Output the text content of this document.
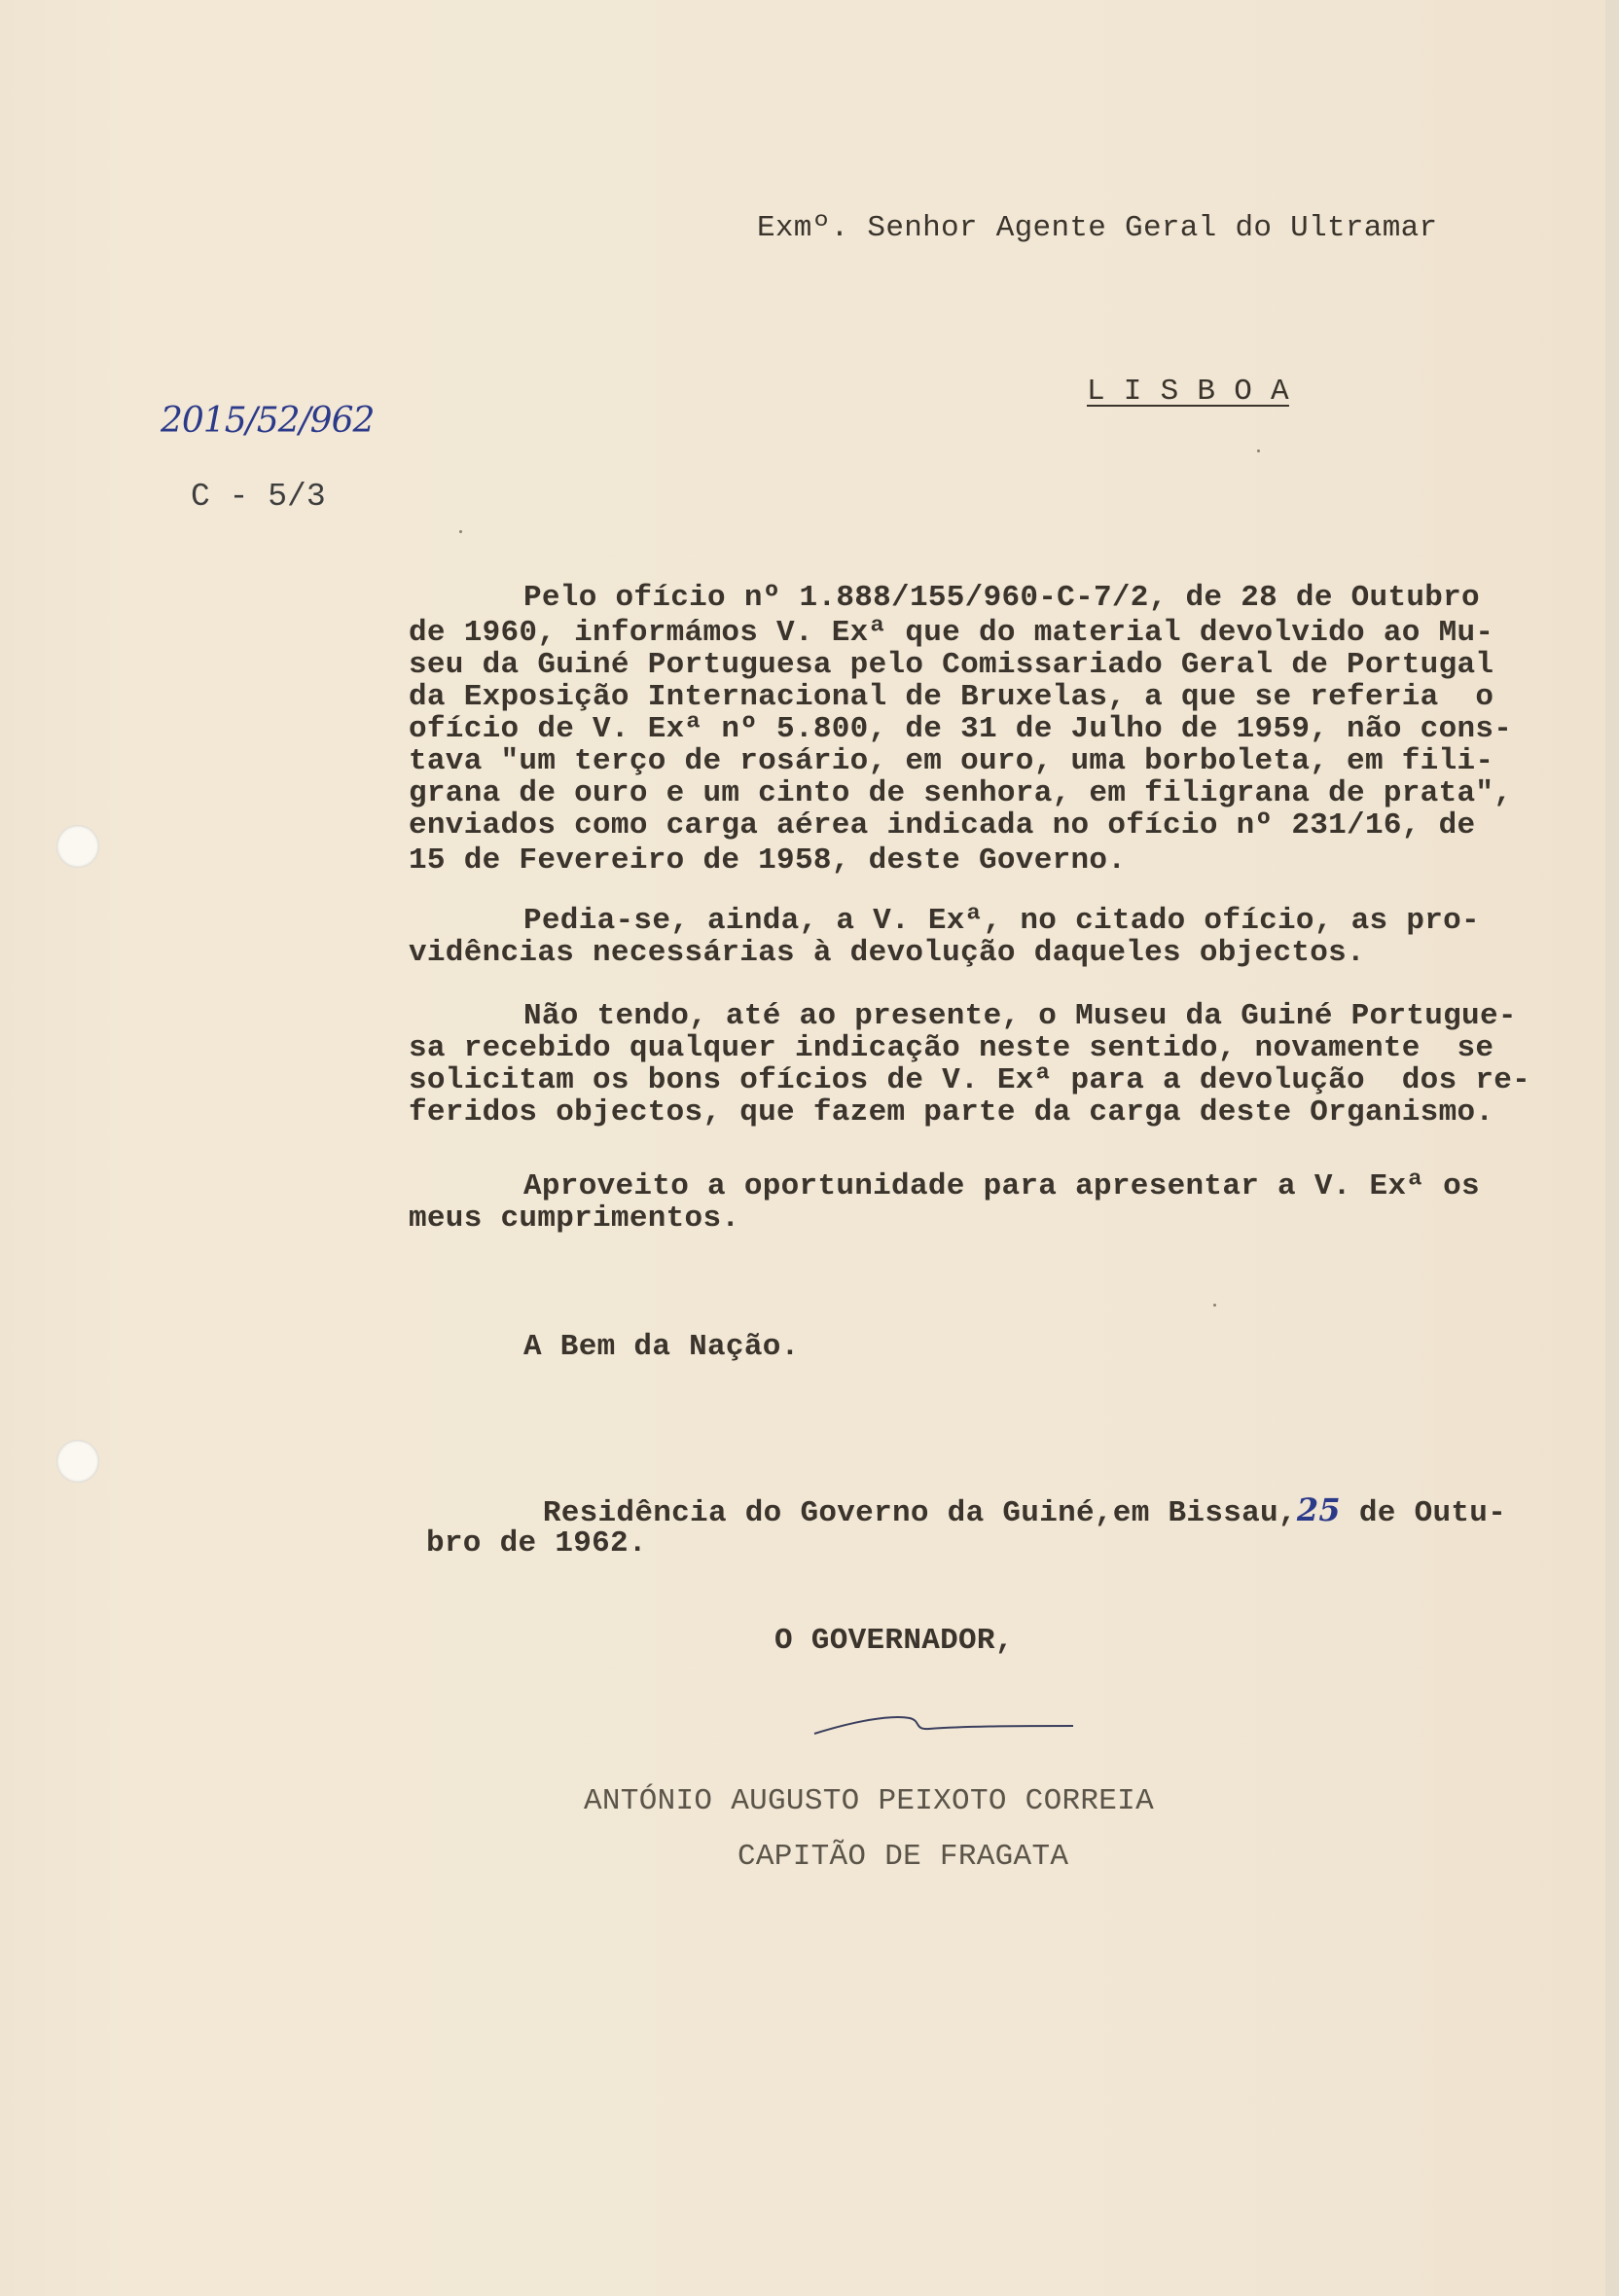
Exmº. Senhor Agente Geral do Ultramar
L I S B O A
2015/52/962
C - 5/3
Pelo ofício nº 1.888/155/960-C-7/2, de 28 de Outubro
de 1960, informámos V. Exª que do material devolvido ao Mu-
seu da Guiné Portuguesa pelo Comissariado Geral de Portugal
da Exposição Internacional de Bruxelas, a que se referia  o
ofício de V. Exª nº 5.800, de 31 de Julho de 1959, não cons-
tava "um terço de rosário, em ouro, uma borboleta, em fili-
grana de ouro e um cinto de senhora, em filigrana de prata",
enviados como carga aérea indicada no ofício nº 231/16, de
15 de Fevereiro de 1958, deste Governo.
Pedia-se, ainda, a V. Exª, no citado ofício, as pro-
vidências necessárias à devolução daqueles objectos.
Não tendo, até ao presente, o Museu da Guiné Portugue-
sa recebido qualquer indicação neste sentido, novamente  se
solicitam os bons ofícios de V. Exª para a devolução  dos re-
feridos objectos, que fazem parte da carga deste Organismo.
Aproveito a oportunidade para apresentar a V. Exª os
meus cumprimentos.
A Bem da Nação.

Residência do Governo da Guiné,em Bissau,25 de Outu-

bro de 1962.
O GOVERNADOR,
ANTÓNIO AUGUSTO PEIXOTO CORREIA
CAPITÃO DE FRAGATA
